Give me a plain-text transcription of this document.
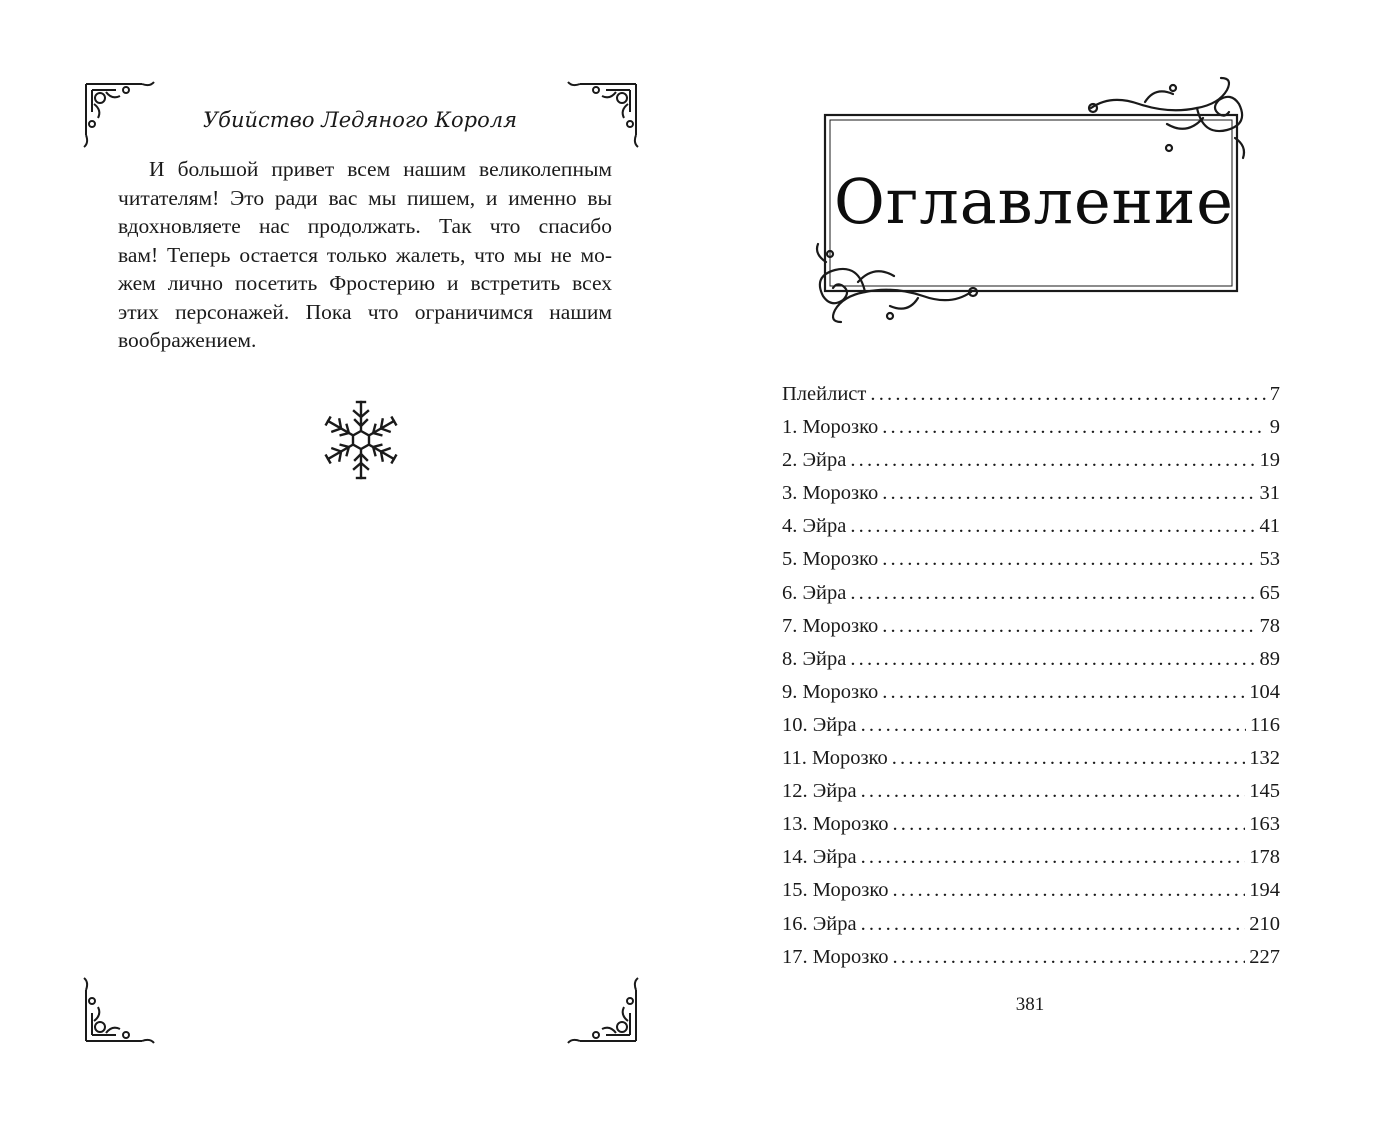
Убийство Ледяного Короля

И большой привет всем нашим великолепным
читателям! Это ради вас мы пишем, и именно вы
вдохновляете нас продолжать. Так что спасибо
вам! Теперь остается только жалеть, что мы не мо-
жем лично посетить Фростерию и встретить всех
этих персонажей. Пока что ограничимся нашим
воображением.

Оглавление
Плейлист .....	7
1. Морозко .....	9
2. Эйра .....	19
3. Морозко .....	31
4. Эйра .....	41
5. Морозко .....	53
6. Эйра .....	65
7. Морозко .....	78
8. Эйра .....	89
9. Морозко .....	104
10. Эйра .....	116
11. Морозко .....	132
12. Эйра .....	145
13. Морозко .....	163
14. Эйра .....	178
15. Морозко .....	194
16. Эйра .....	210
17. Морозко .....	227
381
